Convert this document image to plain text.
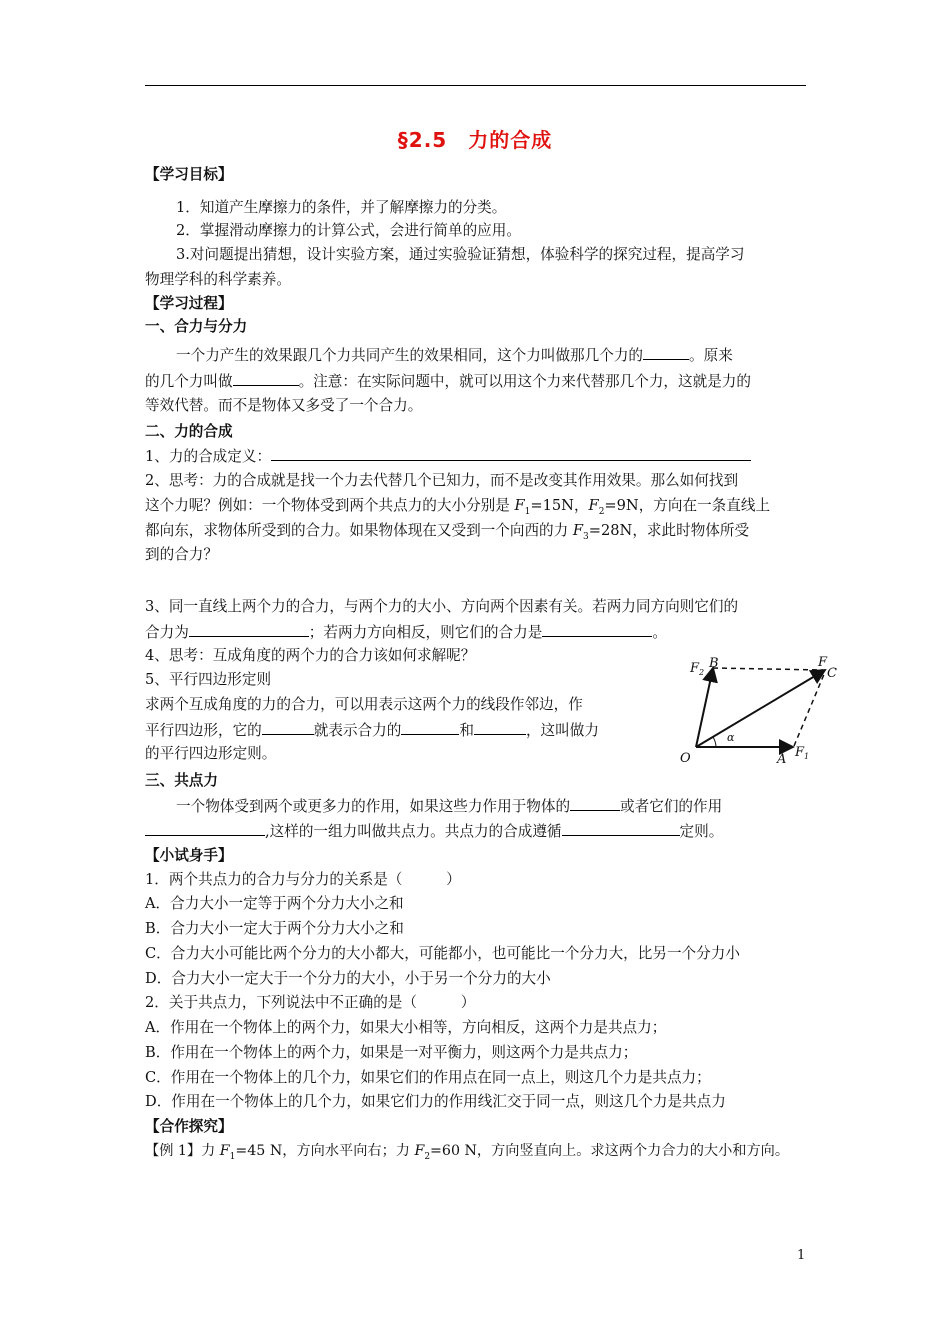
§2.5　力的合成
【学习目标】
1．知道产生摩擦力的条件，并了解摩擦力的分类。
2．掌握滑动摩擦力的计算公式，会进行简单的应用。
3.对问题提出猜想，设计实验方案，通过实验验证猜想，体验科学的探究过程，提高学习
物理学科的科学素养。
【学习过程】
一、合力与分力
一个力产生的效果跟几个力共同产生的效果相同，这个力叫做那几个力的	。原来
的几个力叫做	。注意：在实际问题中，就可以用这个力来代替那几个力，这就是力的
等效代替。而不是物体又多受了一个合力。
二、力的合成
1、力的合成定义：
2、思考：力的合成就是找一个力去代替几个已知力，而不是改变其作用效果。那么如何找到
这个力呢？例如：一个物体受到两个共点力的大小分别是 $F_1=15N$，$F_2=9N$，方向在一条直线上
都向东，求物体所受到的合力。如果物体现在又受到一个向西的力 $F_3=28N$，求此时物体所受
到的合力？
3、同一直线上两个力的合力，与两个力的大小、方向两个因素有关。若两力同方向则它们的
合力为	；若两力方向相反，则它们的合力是	。
4、思考：互成角度的两个力的合力该如何求解呢？
5、平行四边形定则
求两个互成角度的力的合力，可以用表示这两个力的线段作邻边，作
平行四边形，它的	就表示合力的	和	，这叫做力
的平行四边形定则。
$F_2$
B	F
C
O
α
A $F_1$
三、共点力
一个物体受到两个或更多力的作用，如果这些力作用于物体的	或者它们的作用
,这样的一组力叫做共点力。共点力的合成遵循	定则。
【小试身手】
1．两个共点力的合力与分力的关系是（　　　）
A．合力大小一定等于两个分力大小之和
B．合力大小一定大于两个分力大小之和
C．合力大小可能比两个分力的大小都大，可能都小，也可能比一个分力大，比另一个分力小
D．合力大小一定大于一个分力的大小，小于另一个分力的大小
2．关于共点力，下列说法中不正确的是（　　　）
A．作用在一个物体上的两个力，如果大小相等，方向相反，这两个力是共点力；
B．作用在一个物体上的两个力，如果是一对平衡力，则这两个力是共点力；
C．作用在一个物体上的几个力，如果它们的作用点在同一点上，则这几个力是共点力；
D．作用在一个物体上的几个力，如果它们力的作用线汇交于同一点，则这几个力是共点力
【合作探究】
【例 1】力 $F_1=45$ N，方向水平向右；力 $F_2=60$ N，方向竖直向上。求这两个力合力的大小和方向。
1
